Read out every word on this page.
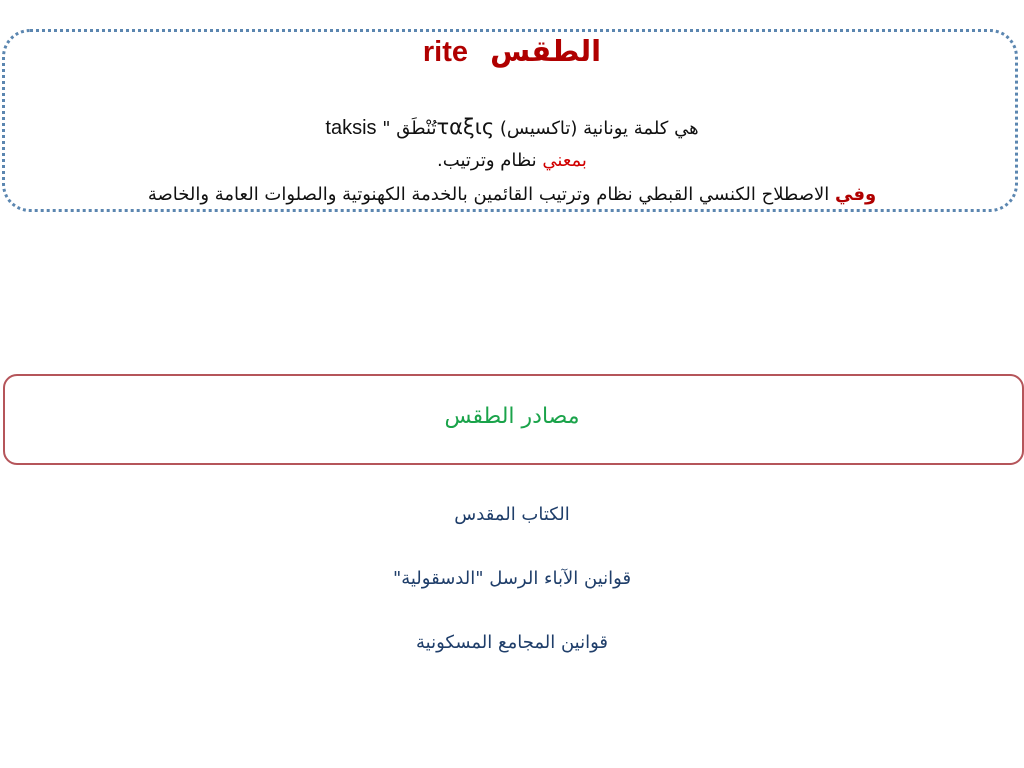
الطقس rite
هي كلمة يونانية (تاكسيس) ταξιςتُنْطَق " taksis
بمعني نظام وترتيب.
وفي الاصطلاح الكنسي القبطي نظام وترتيب القائمين بالخدمة الكهنوتية والصلوات العامة والخاصة
مصادر الطقس
الكتاب المقدس
قوانين الآباء الرسل "الدسقولية"
قوانين المجامع المسكونية
